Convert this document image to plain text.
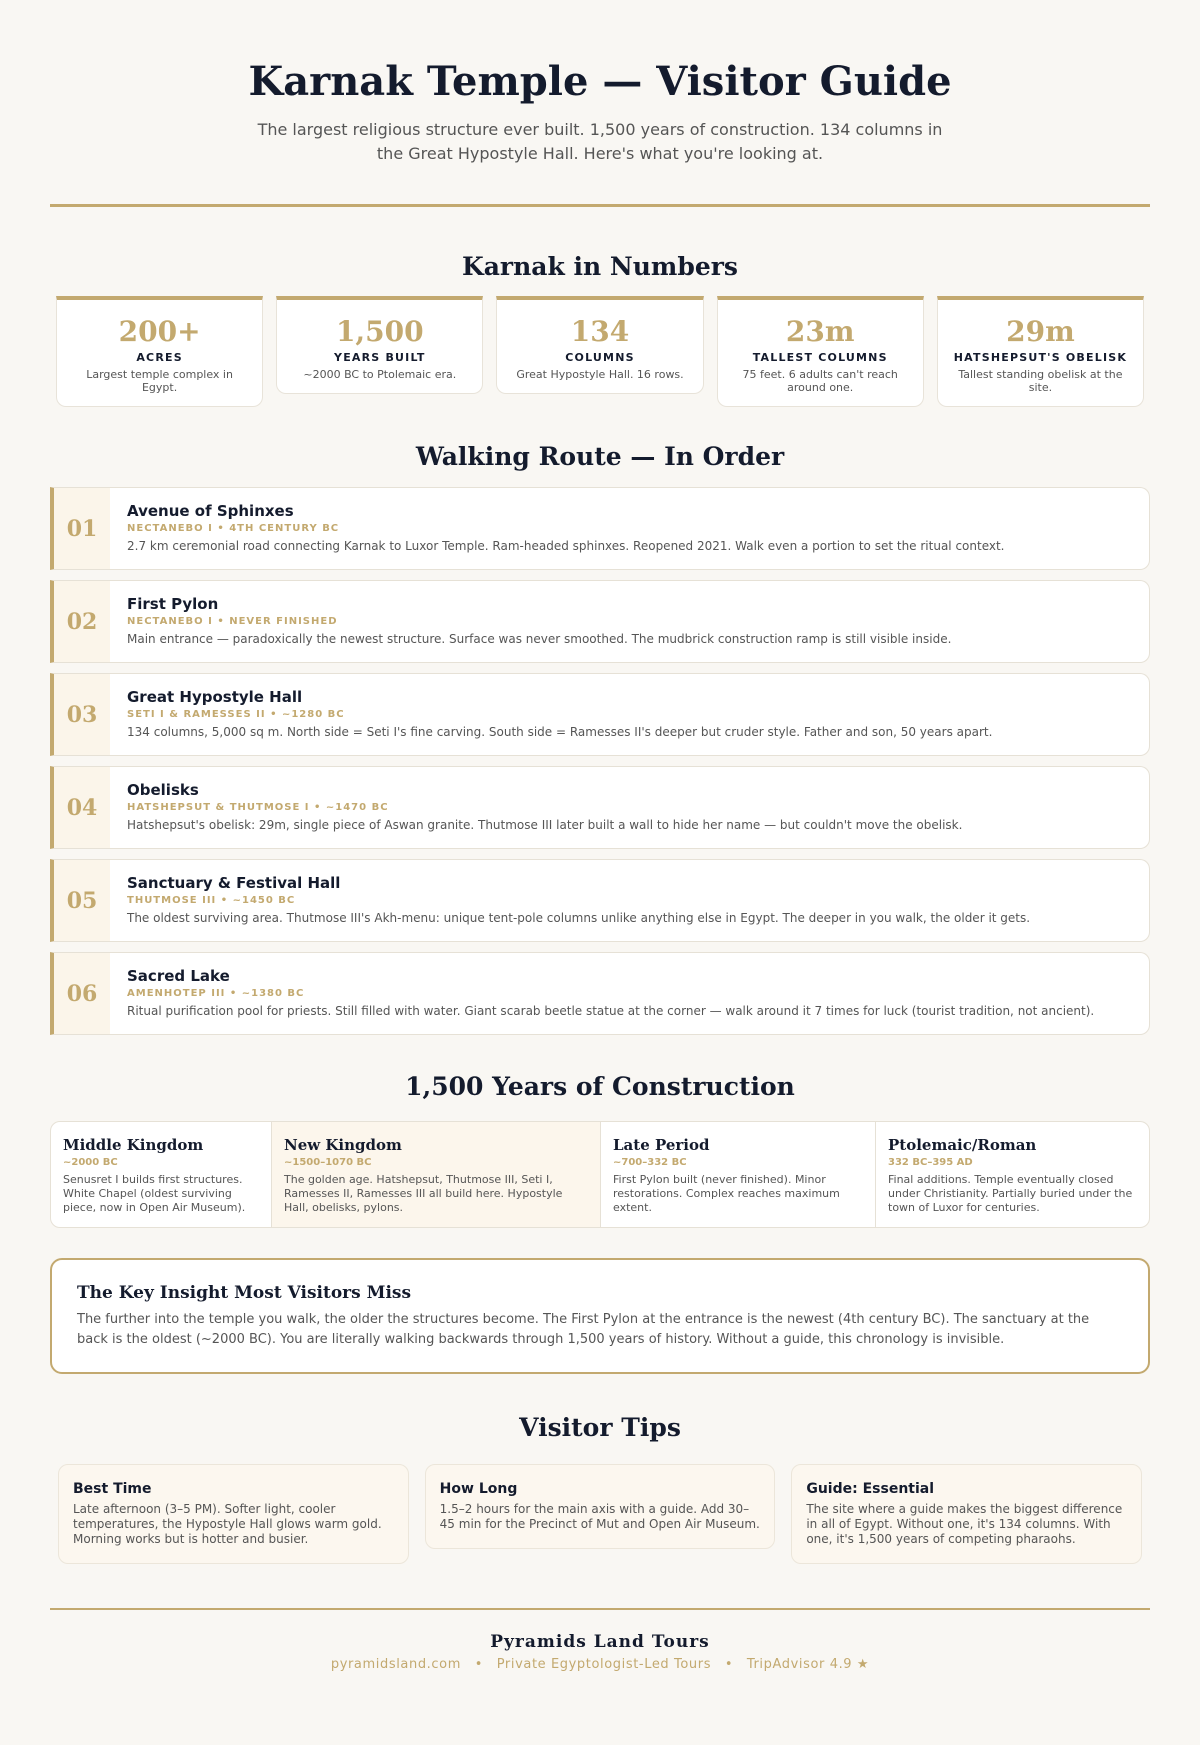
Karnak Temple — Visitor Guide

The largest religious structure ever built. 1,500 years of construction. 134 columns in the Great Hypostyle Hall. Here's what you're looking at.

Karnak in Numbers
200+
ACRES
Largest temple complex in Egypt.
1,500
YEARS BUILT
~2000 BC to Ptolemaic era.
134
COLUMNS
Great Hypostyle Hall. 16 rows.
23m
TALLEST COLUMNS
75 feet. 6 adults can't reach around one.
29m
HATSHEPSUT'S OBELISK
Tallest standing obelisk at the site.
Walking Route — In Order
01
Avenue of Sphinxes
NECTANEBO I • 4TH CENTURY BC
2.7 km ceremonial road connecting Karnak to Luxor Temple. Ram-headed sphinxes. Reopened 2021. Walk even a portion to set the ritual context.
02
First Pylon
NECTANEBO I • NEVER FINISHED
Main entrance — paradoxically the newest structure. Surface was never smoothed. The mudbrick construction ramp is still visible inside.
03
Great Hypostyle Hall
SETI I & RAMESSES II • ~1280 BC
134 columns, 5,000 sq m. North side = Seti I's fine carving. South side = Ramesses II's deeper but cruder style. Father and son, 50 years apart.
04
Obelisks
HATSHEPSUT & THUTMOSE I • ~1470 BC
Hatshepsut's obelisk: 29m, single piece of Aswan granite. Thutmose III later built a wall to hide her name — but couldn't move the obelisk.
05
Sanctuary & Festival Hall
THUTMOSE III • ~1450 BC
The oldest surviving area. Thutmose III's Akh-menu: unique tent-pole columns unlike anything else in Egypt. The deeper in you walk, the older it gets.
06
Sacred Lake
AMENHOTEP III • ~1380 BC
Ritual purification pool for priests. Still filled with water. Giant scarab beetle statue at the corner — walk around it 7 times for luck (tourist tradition, not ancient).
1,500 Years of Construction
Middle Kingdom
~2000 BC
Senusret I builds first structures. White Chapel (oldest surviving piece, now in Open Air Museum).
New Kingdom
~1500–1070 BC
The golden age. Hatshepsut, Thutmose III, Seti I, Ramesses II, Ramesses III all build here. Hypostyle Hall, obelisks, pylons.
Late Period
~700–332 BC
First Pylon built (never finished). Minor restorations. Complex reaches maximum extent.
Ptolemaic/Roman
332 BC–395 AD
Final additions. Temple eventually closed under Christianity. Partially buried under the town of Luxor for centuries.
The Key Insight Most Visitors Miss

The further into the temple you walk, the older the structures become. The First Pylon at the entrance is the newest (4th century BC). The sanctuary at the back is the oldest (~2000 BC). You are literally walking backwards through 1,500 years of history. Without a guide, this chronology is invisible.

Visitor Tips
Best Time
Late afternoon (3–5 PM). Softer light, cooler temperatures, the Hypostyle Hall glows warm gold. Morning works but is hotter and busier.
How Long
1.5–2 hours for the main axis with a guide. Add 30–45 min for the Precinct of Mut and Open Air Museum.
Guide: Essential
The site where a guide makes the biggest difference in all of Egypt. Without one, it's 134 columns. With one, it's 1,500 years of competing pharaohs.
Pyramids Land Tours
pyramidsland.com • Private Egyptologist-Led Tours • TripAdvisor 4.9 ★
